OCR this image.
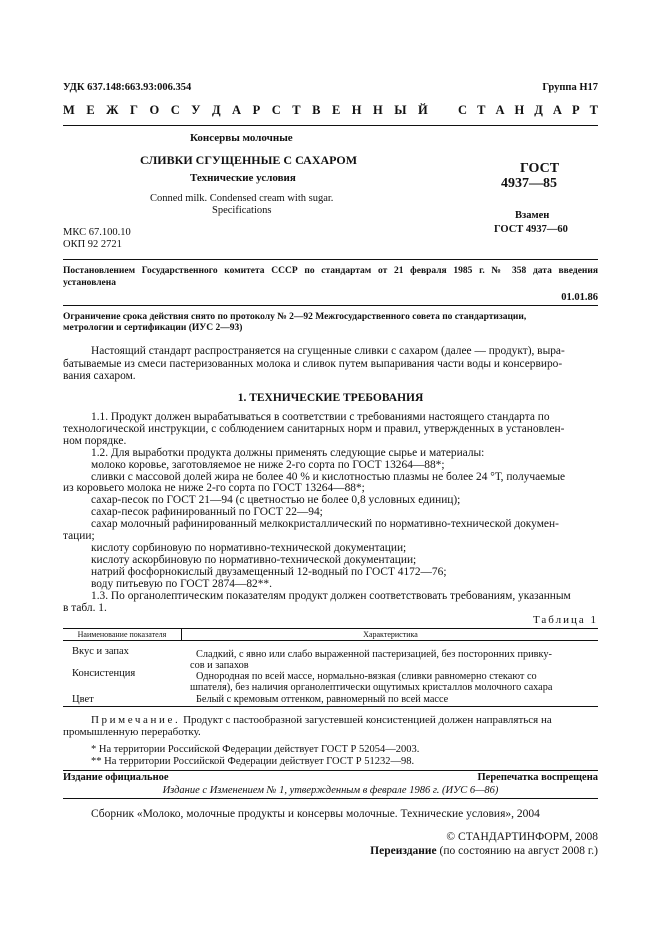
УДК 637.148:663.93:006.354	Группа Н17
М Е Ж Г О С У Д А Р С Т В Е Н Н Ы Й С Т А Н Д А Р Т
Консервы молочные
СЛИВКИ СГУЩЕННЫЕ С САХАРОМ
Технические условия
Conned milk. Condensed cream with sugar.
Specifications
ГОСТ
4937—85
Взамен
ГОСТ 4937—60
МКС 67.100.10
ОКП 92 2721
Постановлением Государственного комитета СССР по стандартам от 21 февраля 1985 г. № 358 дата введения
установлена
01.01.86
Ограничение срока действия снято по протоколу № 2—92 Межгосударственного совета по стандартизации,
метрологии и сертификации (ИУС 2—93)
Настоящий стандарт распространяется на сгущенные сливки с сахаром (далее — продукт), выра-
батываемые из смеси пастеризованных молока и сливок путем выпаривания части воды и консервиро-
вания сахаром.
1. ТЕХНИЧЕСКИЕ ТРЕБОВАНИЯ
1.1. Продукт должен вырабатываться в соответствии с требованиями настоящего стандарта по
технологической инструкции, с соблюдением санитарных норм и правил, утвержденных в установлен-
ном порядке.
1.2. Для выработки продукта должны применять следующие сырье и материалы:
молоко коровье, заготовляемое не ниже 2-го сорта по ГОСТ 13264—88*;
сливки с массовой долей жира не более 40 % и кислотностью плазмы не более 24 °Т, получаемые
из коровьего молока не ниже 2-го сорта по ГОСТ 13264—88*;
сахар-песок по ГОСТ 21—94 (с цветностью не более 0,8 условных единиц);
сахар-песок рафинированный по ГОСТ 22—94;
сахар молочный рафинированный мелкокристаллический по нормативно-технической докумен-
тации;
кислоту сорбиновую по нормативно-технической документации;
кислоту аскорбиновую по нормативно-технической документации;
натрий фосфорнокислый двузамещенный 12-водный по ГОСТ 4172—76;
воду питьевую по ГОСТ 2874—82**.
1.3. По органолептическим показателям продукт должен соответствовать требованиям, указанным
в табл. 1.
Таблица 1
Наименование показателя	Характеристика
Вкус и запах	Сладкий, с явно или слабо выраженной пастеризацией, без посторонних привку-
сов и запахов
Консистенция	Однородная по всей массе, нормально-вязкая (сливки равномерно стекают со
шпателя), без наличия органолептически ощутимых кристаллов молочного сахара
Цвет	Белый с кремовым оттенком, равномерный по всей массе
Примечание. Продукт с пастообразной загустевшей консистенцией должен направляться на
промышленную переработку.
* На территории Российской Федерации действует ГОСТ Р 52054—2003.
** На территории Российской Федерации действует ГОСТ Р 51232—98.
Издание официальное	Перепечатка воспрещена
Издание с Изменением № 1, утвержденным в феврале 1986 г. (ИУС 6—86)
Сборник «Молоко, молочные продукты и консервы молочные. Технические условия», 2004
© СТАНДАРТИНФОРМ, 2008
Переиздание (по состоянию на август 2008 г.)
